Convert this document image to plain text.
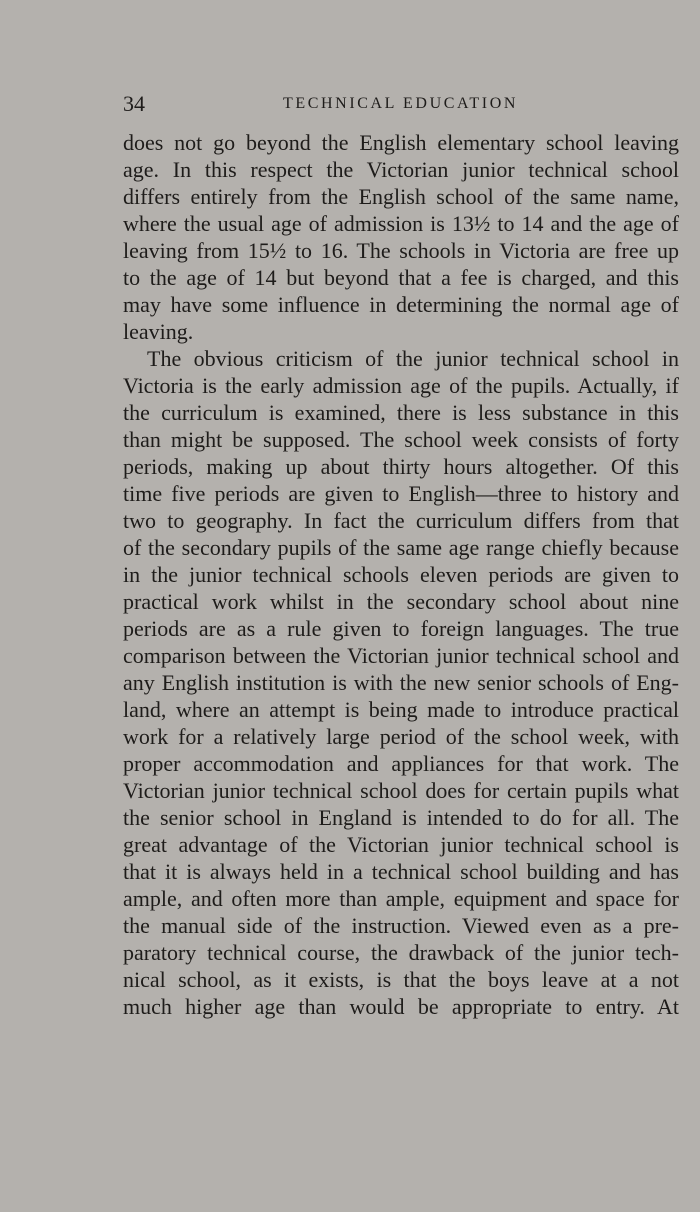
34	TECHNICAL EDUCATION
does not go beyond the English elementary school leaving
age. In this respect the Victorian junior technical school
differs entirely from the English school of the same name,
where the usual age of admission is 13½ to 14 and the age of
leaving from 15½ to 16. The schools in Victoria are free up
to the age of 14 but beyond that a fee is charged, and this
may have some influence in determining the normal age of
leaving.
The obvious criticism of the junior technical school in
Victoria is the early admission age of the pupils. Actually, if
the curriculum is examined, there is less substance in this
than might be supposed. The school week consists of forty
periods, making up about thirty hours altogether. Of this
time five periods are given to English—three to history and
two to geography. In fact the curriculum differs from that
of the secondary pupils of the same age range chiefly because
in the junior technical schools eleven periods are given to
practical work whilst in the secondary school about nine
periods are as a rule given to foreign languages. The true
comparison between the Victorian junior technical school and
any English institution is with the new senior schools of Eng-
land, where an attempt is being made to introduce practical
work for a relatively large period of the school week, with
proper accommodation and appliances for that work. The
Victorian junior technical school does for certain pupils what
the senior school in England is intended to do for all. The
great advantage of the Victorian junior technical school is
that it is always held in a technical school building and has
ample, and often more than ample, equipment and space for
the manual side of the instruction. Viewed even as a pre-
paratory technical course, the drawback of the junior tech-
nical school, as it exists, is that the boys leave at a not
much higher age than would be appropriate to entry. At
